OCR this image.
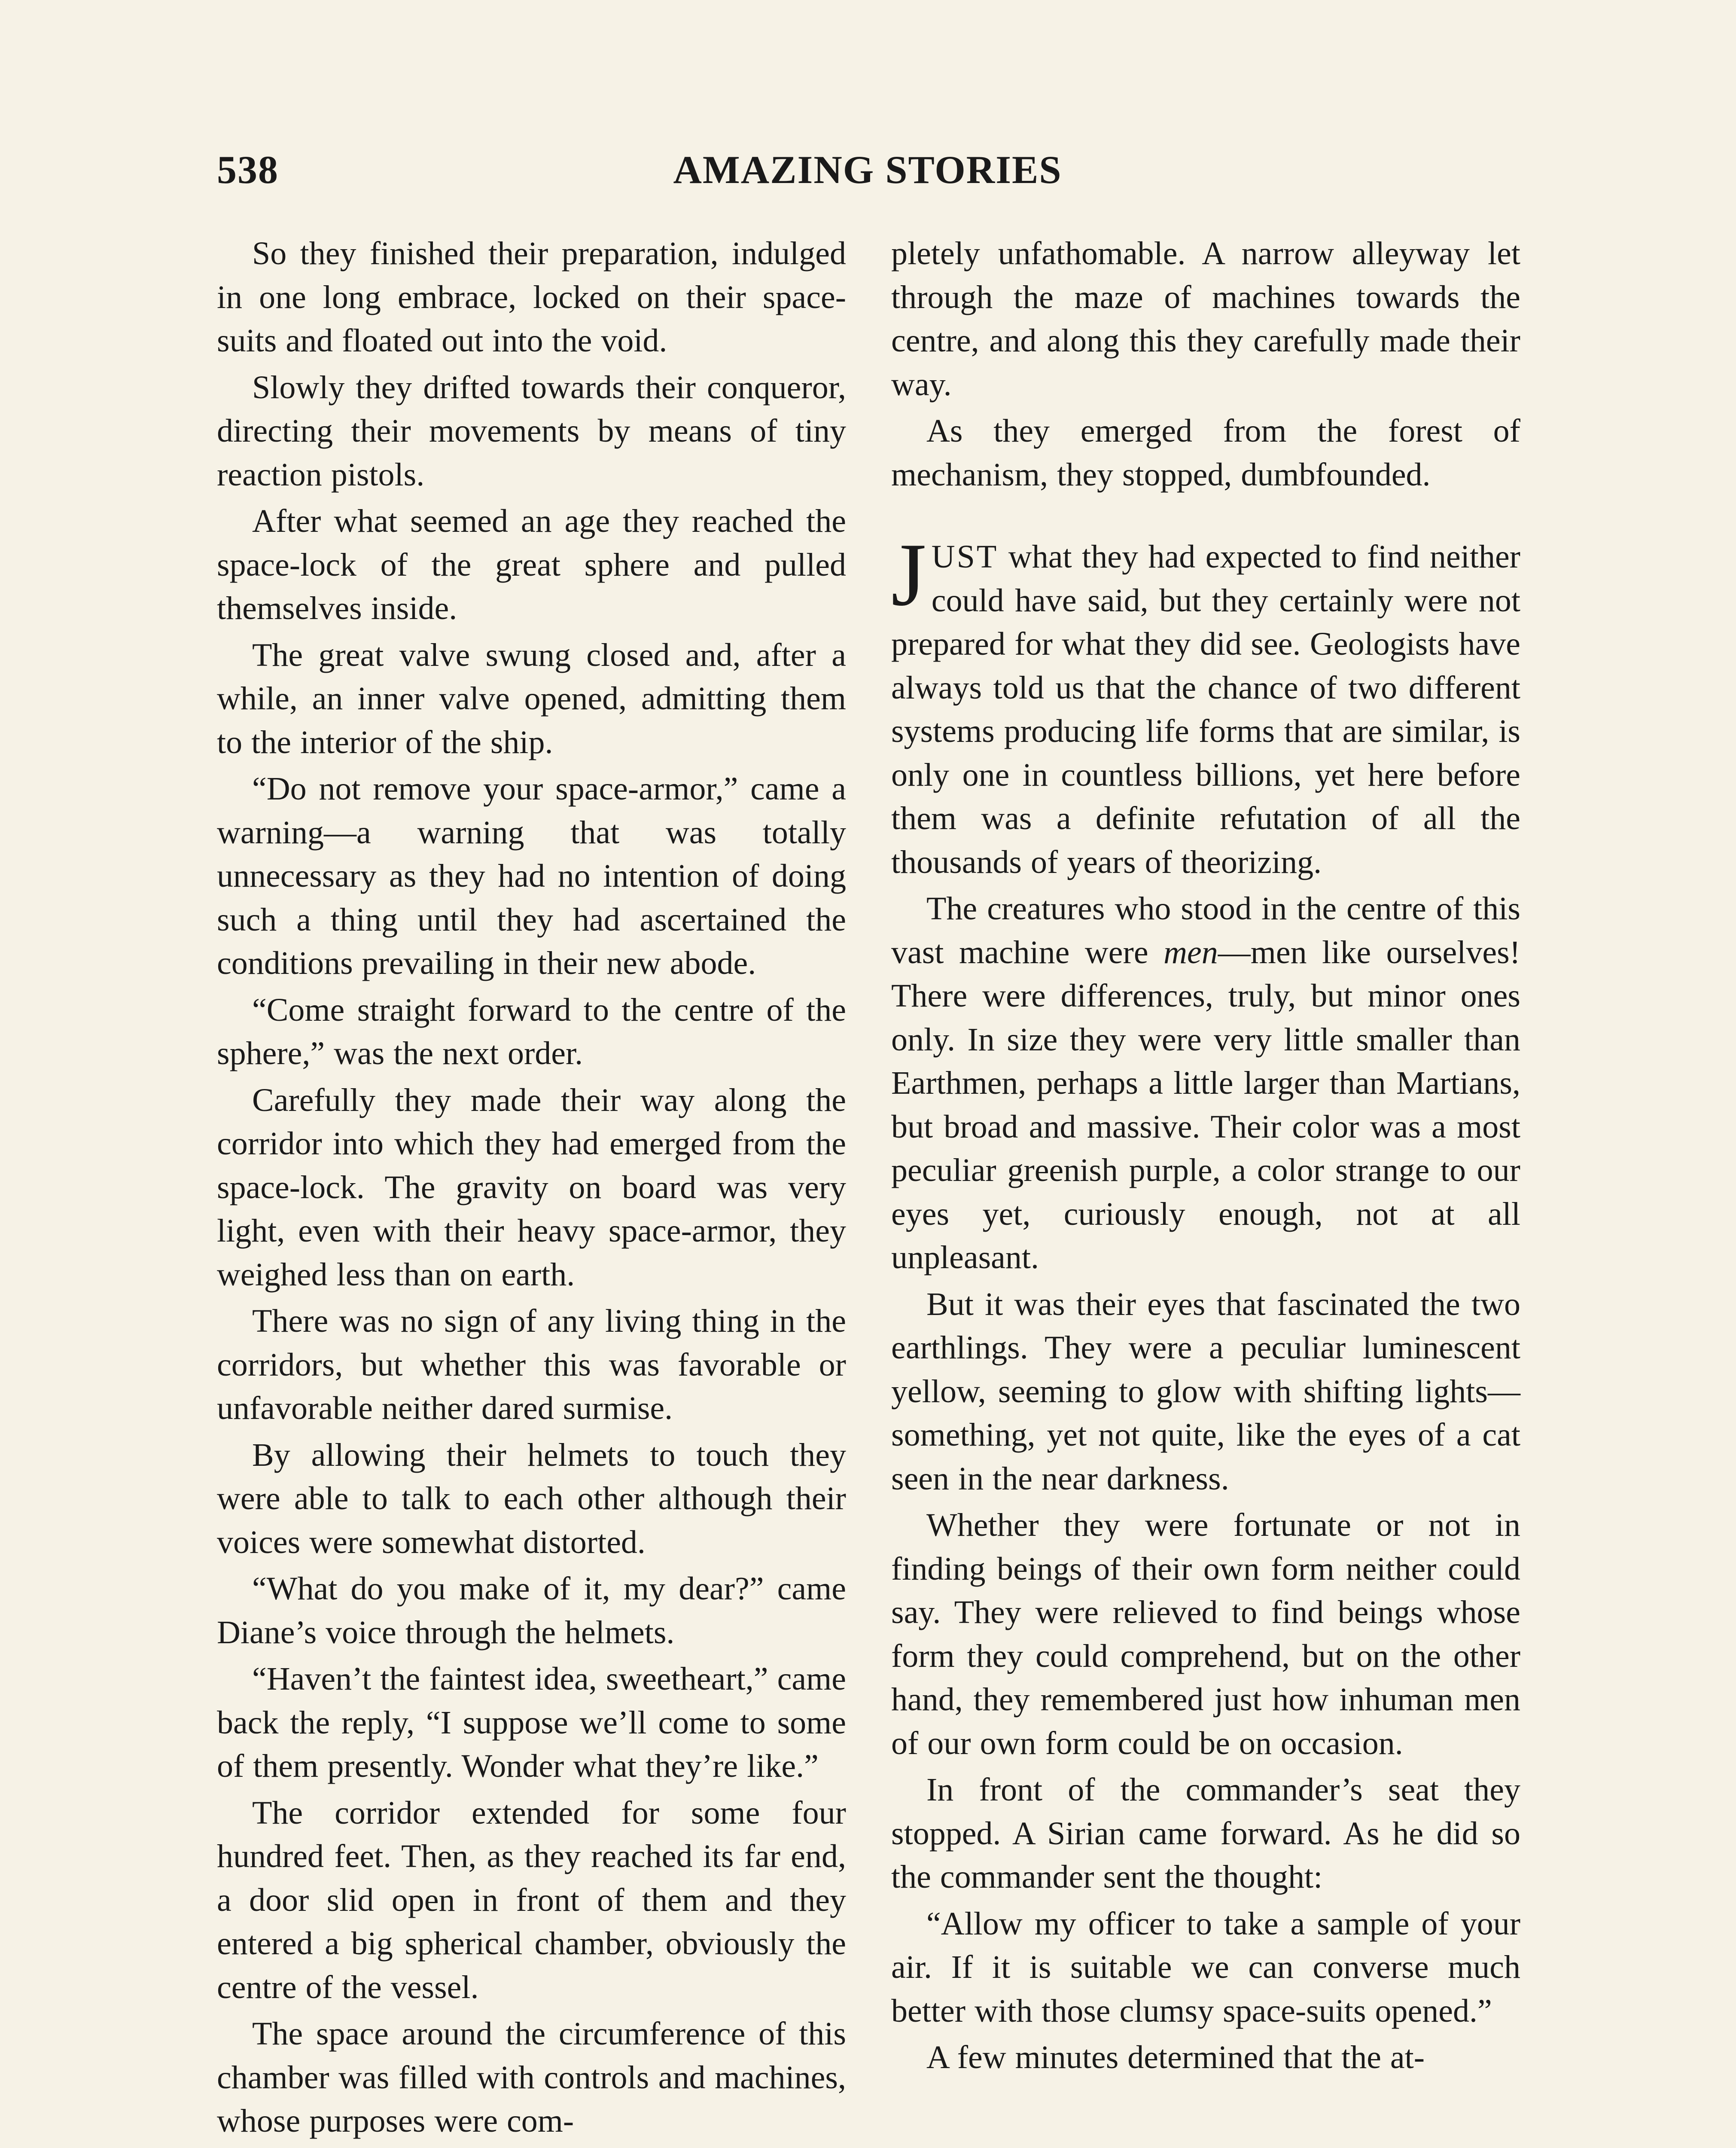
538	AMAZING STORIES

So they finished their preparation, indulged in one long embrace, locked on their space-suits and floated out into the void.

Slowly they drifted towards their conqueror, directing their movements by means of tiny reaction pistols.

After what seemed an age they reached the space-lock of the great sphere and pulled themselves inside.

The great valve swung closed and, after a while, an inner valve opened, admitting them to the interior of the ship.

“Do not remove your space-armor,” came a warning—a warning that was totally unnecessary as they had no intention of doing such a thing until they had ascertained the conditions prevailing in their new abode.

“Come straight forward to the centre of the sphere,” was the next order.

Carefully they made their way along the corridor into which they had emerged from the space-lock. The gravity on board was very light, even with their heavy space-armor, they weighed less than on earth.

There was no sign of any living thing in the corridors, but whether this was favorable or unfavorable neither dared surmise.

By allowing their helmets to touch they were able to talk to each other although their voices were somewhat distorted.

“What do you make of it, my dear?” came Diane’s voice through the helmets.

“Haven’t the faintest idea, sweetheart,” came back the reply, “I suppose we’ll come to some of them presently. Wonder what they’re like.”

The corridor extended for some four hundred feet. Then, as they reached its far end, a door slid open in front of them and they entered a big spherical chamber, obviously the centre of the vessel.

The space around the circumference of this chamber was filled with controls and machines, whose purposes were com-

pletely unfathomable. A narrow alleyway let through the maze of machines towards the centre, and along this they carefully made their way.

As they emerged from the forest of mechanism, they stopped, dumbfounded.

JUST what they had expected to find neither could have said, but they certainly were not prepared for what they did see. Geologists have always told us that the chance of two different systems producing life forms that are similar, is only one in countless billions, yet here before them was a definite refutation of all the thousands of years of theorizing.

The creatures who stood in the centre of this vast machine were men—men like ourselves! There were differences, truly, but minor ones only. In size they were very little smaller than Earthmen, perhaps a little larger than Martians, but broad and massive. Their color was a most peculiar greenish purple, a color strange to our eyes yet, curiously enough, not at all unpleasant.

But it was their eyes that fascinated the two earthlings. They were a peculiar luminescent yellow, seeming to glow with shifting lights—something, yet not quite, like the eyes of a cat seen in the near darkness.

Whether they were fortunate or not in finding beings of their own form neither could say. They were relieved to find beings whose form they could comprehend, but on the other hand, they remembered just how inhuman men of our own form could be on occasion.

In front of the commander’s seat they stopped. A Sirian came forward. As he did so the commander sent the thought:

“Allow my officer to take a sample of your air. If it is suitable we can converse much better with those clumsy space-suits opened.”

A few minutes determined that the at-
